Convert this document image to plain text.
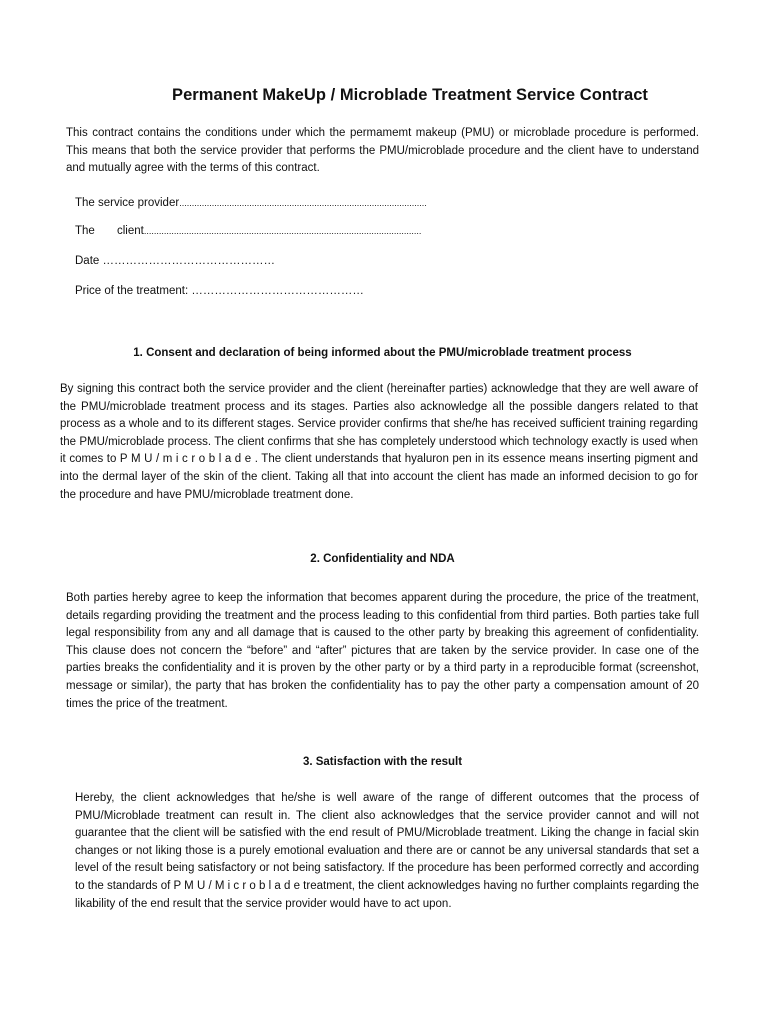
Permanent MakeUp / Microblade Treatment Service Contract
This contract contains the conditions under which the permamemt makeup (PMU) or microblade procedure is performed. This means that both the service provider that performs the PMU/microblade procedure and the client have to understand and mutually agree with the terms of this contract.
The service provider...................................................................................................
The client...............................................................................................................
Date ………………………………………
Price of the treatment: ………………………………………
1. Consent and declaration of being informed about the PMU/microblade treatment process
By signing this contract both the service provider and the client (hereinafter parties) acknowledge that they are well aware of the PMU/microblade treatment process and its stages. Parties also acknowledge all the possible dangers related to that process as a whole and to its different stages. Service provider confirms that she/he has received sufficient training regarding the PMU/microblade process. The client confirms that she has completely understood which technology exactly is used when it comes to P M U / m i c r o b l a d e . The client understands that hyaluron pen in its essence means inserting pigment and into the dermal layer of the skin of the client. Taking all that into account the client has made an informed decision to go for the procedure and have PMU/microblade treatment done.
2. Confidentiality and NDA
Both parties hereby agree to keep the information that becomes apparent during the procedure, the price of the treatment, details regarding providing the treatment and the process leading to this confidential from third parties. Both parties take full legal responsibility from any and all damage that is caused to the other party by breaking this agreement of confidentiality. This clause does not concern the “before” and “after” pictures that are taken by the service provider. In case one of the parties breaks the confidentiality and it is proven by the other party or by a third party in a reproducible format (screenshot, message or similar), the party that has broken the confidentiality has to pay the other party a compensation amount of 20 times the price of the treatment.
3. Satisfaction with the result
Hereby, the client acknowledges that he/she is well aware of the range of different outcomes that the process of PMU/Microblade treatment can result in. The client also acknowledges that the service provider cannot and will not guarantee that the client will be satisfied with the end result of PMU/Microblade treatment. Liking the change in facial skin changes or not liking those is a purely emotional evaluation and there are or cannot be any universal standards that set a level of the result being satisfactory or not being satisfactory. If the procedure has been performed correctly and according to the standards of P M U / M i c r o b l a d e treatment, the client acknowledges having no further complaints regarding the likability of the end result that the service provider would have to act upon.
